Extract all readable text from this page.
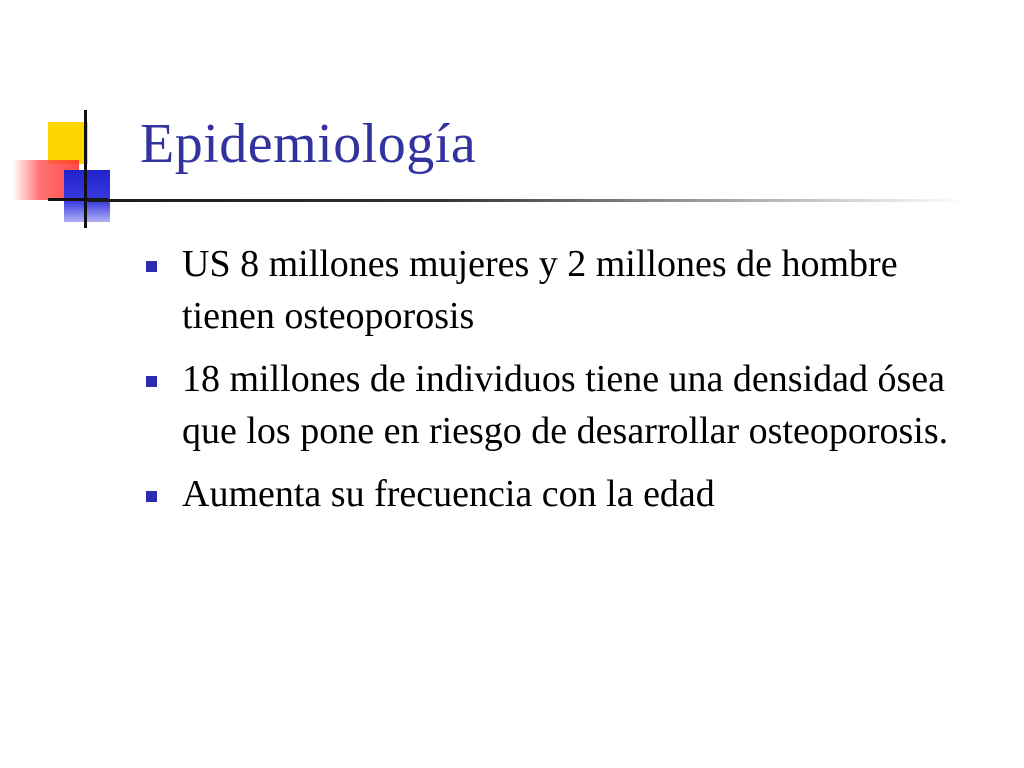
Epidemiología
US 8 millones mujeres y 2 millones de hombre tienen osteoporosis
18 millones de individuos tiene una densidad ósea que los pone en riesgo de desarrollar osteoporosis.
Aumenta su frecuencia con la edad
